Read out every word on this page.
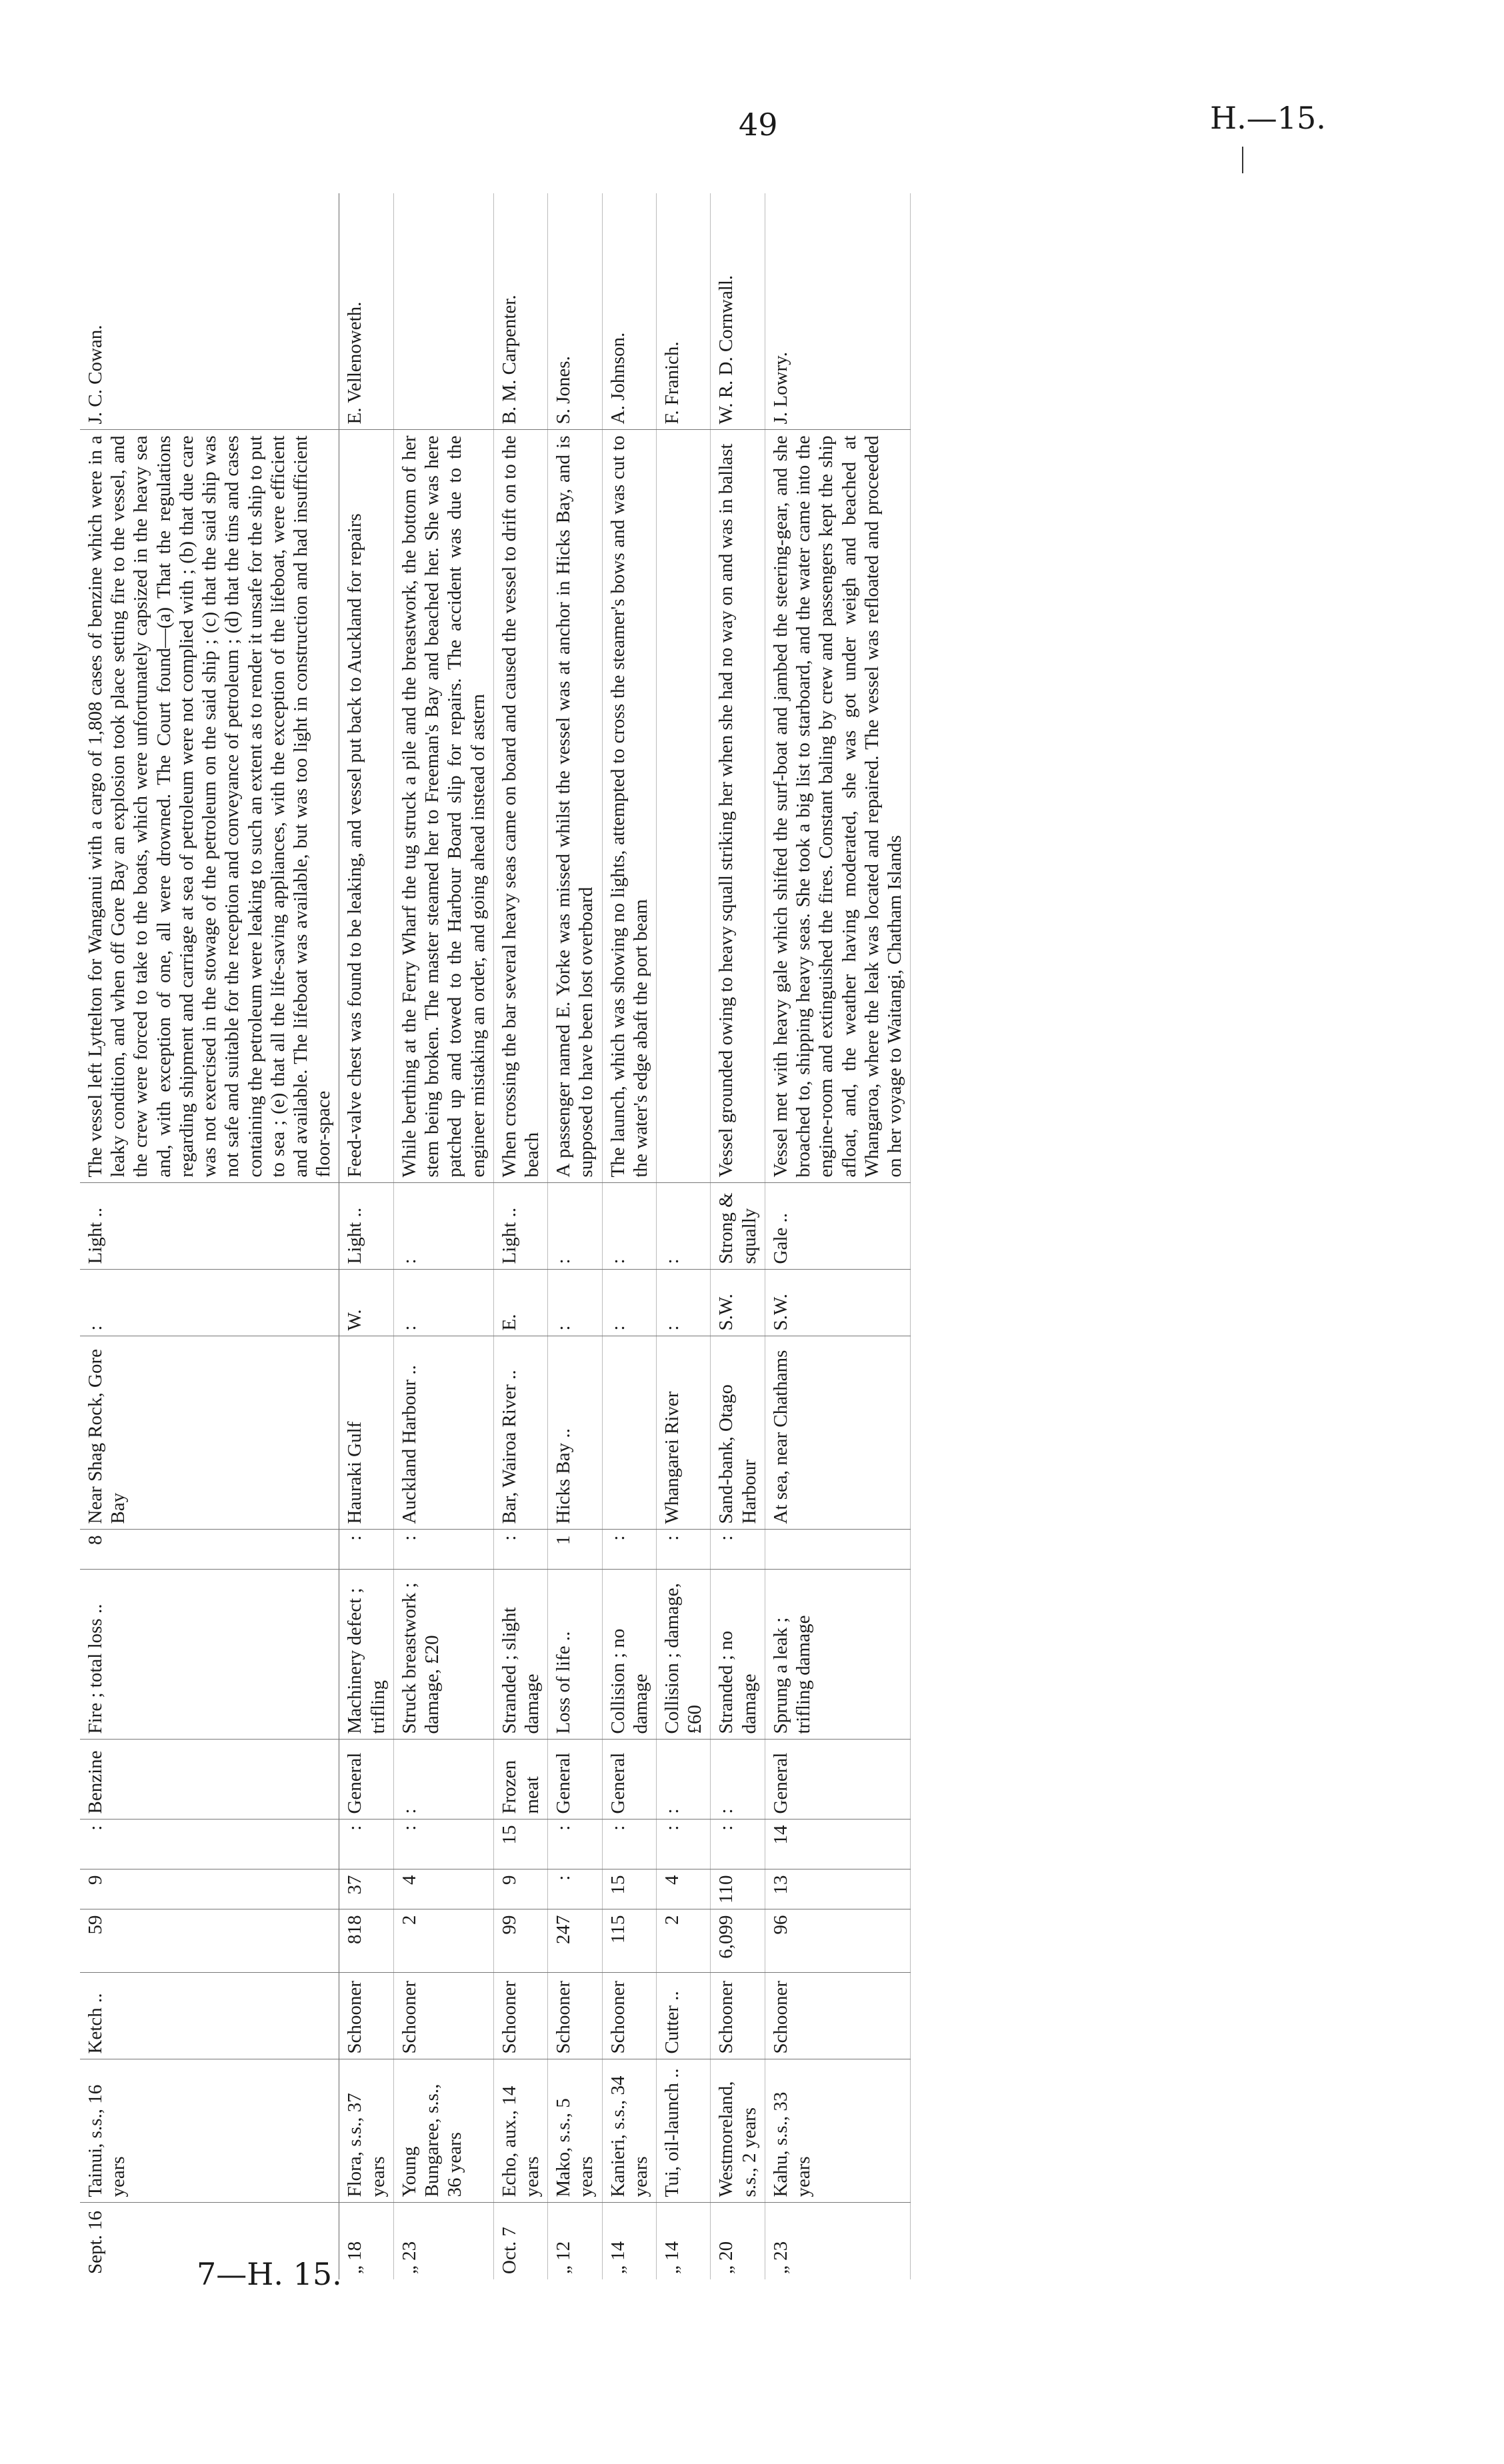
49	H.—15.
Sept. 16	Tainui, s.s., 16 years	Ketch ..	59	9	:	Benzine	Fire ; total loss ..	8	Near Shag Rock, Gore Bay	:	Light ..	The vessel left Lyttelton for Wanganui with a cargo of 1,808 cases of benzine which were in a leaky condition, and when off Gore Bay an explosion took place setting fire to the vessel, and the crew were forced to take to the boats, which were unfortunately capsized in the heavy sea and, with exception of one, all were drowned. The Court found—(a) That the regulations regarding shipment and carriage at sea of petroleum were not complied with ; (b) that due care was not exercised in the stowage of the petroleum on the said ship ; (c) that the said ship was not safe and suitable for the reception and conveyance of petroleum ; (d) that the tins and cases containing the petroleum were leaking to such an extent as to render it unsafe for the ship to put to sea ; (e) that all the life-saving appliances, with the exception of the lifeboat, were efficient and available. The lifeboat was available, but was too light in construction and had insufficient floor-space	J. C. Cowan.
„ 18	Flora, s.s., 37 years	Schooner	818	37	:	General	Machinery defect ; trifling	:	Hauraki Gulf	W.	Light ..	Feed-valve chest was found to be leaking, and vessel put back to Auckland for repairs	E. Vellenoweth.
„ 23	Young Bungaree, s.s., 36 years	Schooner	2	4	:	:	Struck breastwork ; damage, £20	:	Auckland Harbour ..	:	:	While berthing at the Ferry Wharf the tug struck a pile and the breastwork, the bottom of her stem being broken. The master steamed her to Freeman's Bay and beached her. She was here patched up and towed to the Harbour Board slip for repairs. The accident was due to the engineer mistaking an order, and going ahead instead of astern	
Oct. 7	Echo, aux., 14 years	Schooner	99	9	15	Frozen meat	Stranded ; slight damage	:	Bar, Wairoa River ..	E.	Light ..	When crossing the bar several heavy seas came on board and caused the vessel to drift on to the beach	B. M. Carpenter.
„ 12	Mako, s.s., 5 years	Schooner	247	:	:	General	Loss of life ..	1	Hicks Bay ..	:	:	A passenger named E. Yorke was missed whilst the vessel was at anchor in Hicks Bay, and is supposed to have been lost overboard	S. Jones.
„ 14	Kanieri, s.s., 34 years	Schooner	115	15	:	General	Collision ; no damage	:		:	:	The launch, which was showing no lights, attempted to cross the steamer's bows and was cut to the water's edge abaft the port beam	A. Johnson.
„ 14	Tui, oil-launch ..	Cutter ..	2	4	:	:	Collision ; damage, £60	:	Whangarei River	:	:		F. Franich.
„ 20	Westmoreland, s.s., 2 years	Schooner	6,099	110	:	:	Stranded ; no damage	:	Sand-bank, Otago Harbour	S.W.	Strong & squally	Vessel grounded owing to heavy squall striking her when she had no way on and was in ballast	W. R. D. Cornwall.
„ 23	Kahu, s.s., 33 years	Schooner	96	13	14	General	Sprung a leak ; trifling damage		At sea, near Chathams	S.W.	Gale ..	Vessel met with heavy gale which shifted the surf-boat and jambed the steering-gear, and she broached to, shipping heavy seas. She took a big list to starboard, and the water came into the engine-room and extinguished the fires. Constant baling by crew and passengers kept the ship afloat, and, the weather having moderated, she was got under weigh and beached at Whangaroa, where the leak was located and repaired. The vessel was refloated and proceeded on her voyage to Waitangi, Chatham Islands	J. Lowry.
7—H. 15.
